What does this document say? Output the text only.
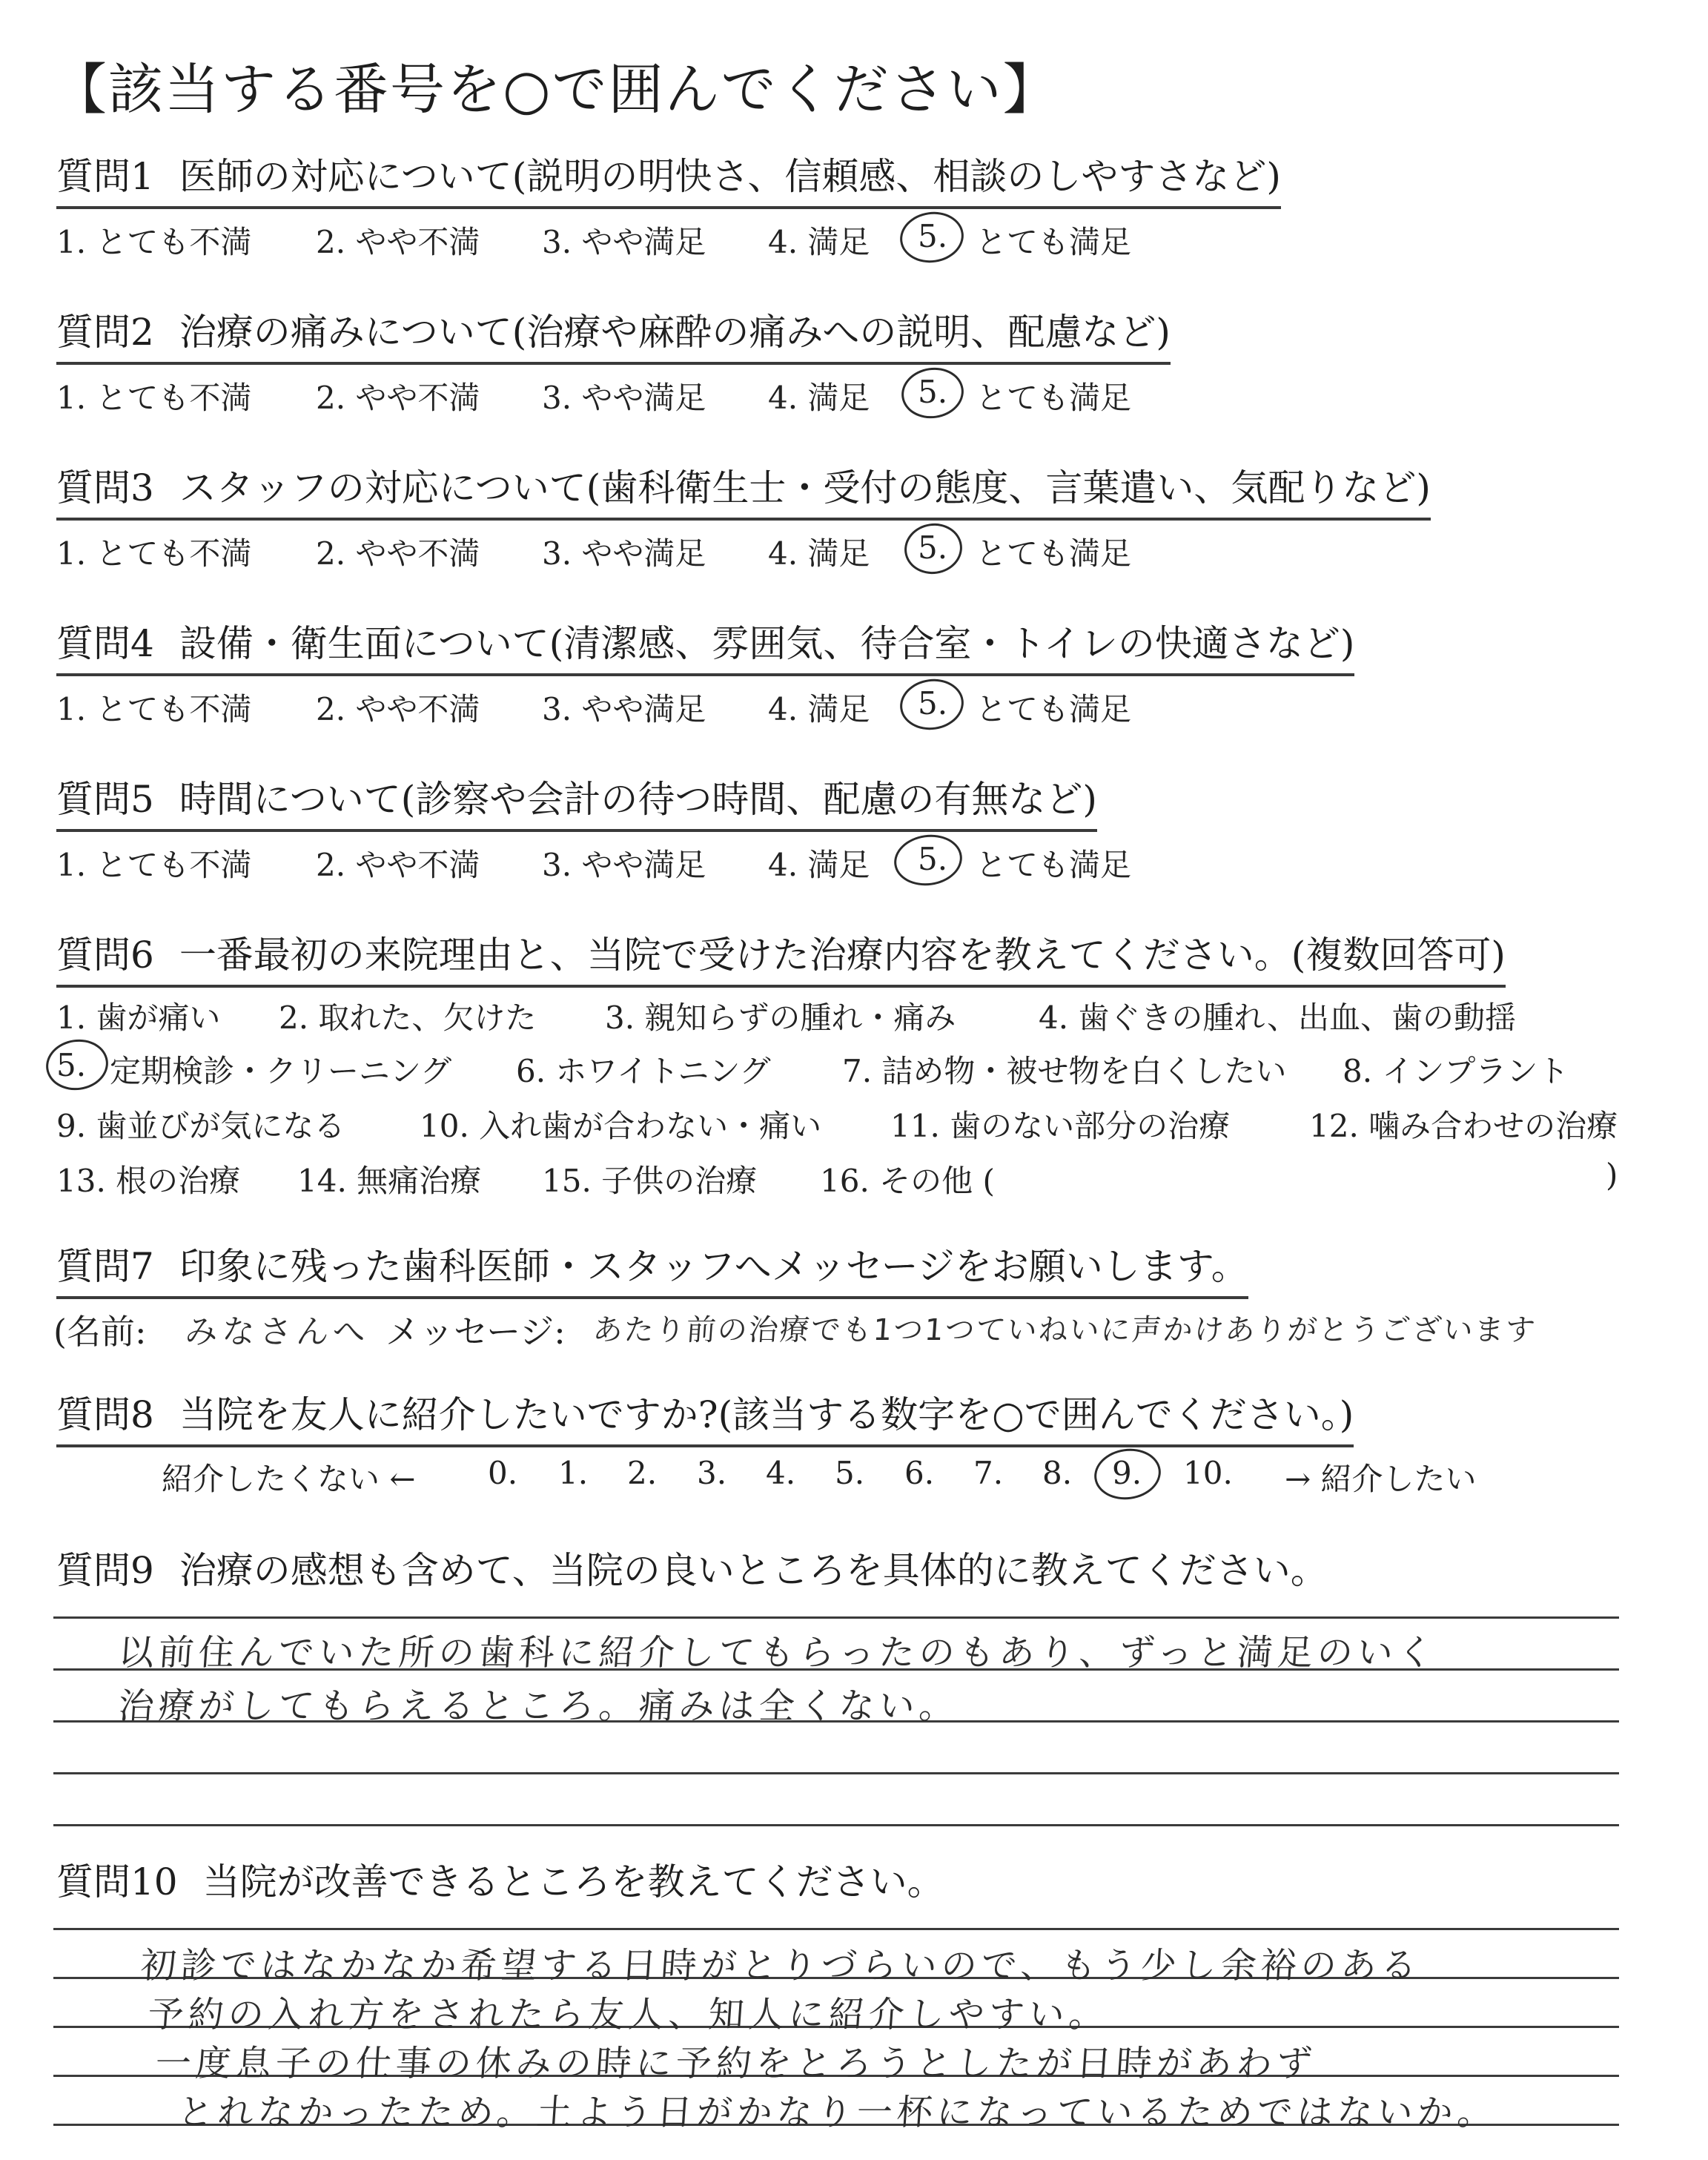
【該当する番号を○で囲んでください】
質問1 医師の対応について(説明の明快さ、信頼感、相談のしやすさなど)
1. とても不満 2. やや不満 3. やや満足 4. 満足 5. とても満足
質問2 治療の痛みについて(治療や麻酔の痛みへの説明、配慮など)
1. とても不満 2. やや不満 3. やや満足 4. 満足 5. とても満足
質問3 スタッフの対応について(歯科衛生士・受付の態度、言葉遣い、気配りなど)
1. とても不満 2. やや不満 3. やや満足 4. 満足 5. とても満足
質問4 設備・衛生面について(清潔感、雰囲気、待合室・トイレの快適さなど)
1. とても不満 2. やや不満 3. やや満足 4. 満足 5. とても満足
質問5 時間について(診察や会計の待つ時間、配慮の有無など)
1. とても不満 2. やや不満 3. やや満足 4. 満足 5. とても満足
質問6 一番最初の来院理由と、当院で受けた治療内容を教えてください。(複数回答可)
1. 歯が痛い 2. 取れた、欠けた 3. 親知らずの腫れ・痛み	4. 歯ぐきの腫れ、出血、歯の動揺
5. 定期検診・クリーニング 6. ホワイトニング 7. 詰め物・被せ物を白くしたい 8. インプラント
9. 歯並びが気になる 10. 入れ歯が合わない・痛い 11. 歯のない部分の治療	12. 噛み合わせの治療
13. 根の治療 14. 無痛治療 15. 子供の治療 16. その他 (	)
質問7 印象に残った歯科医師・スタッフへメッセージをお願いします。
(名前: みなさんへ メッセージ: あたり前の治療でも1つ1つていねいに声かけありがとうございます
質問8 当院を友人に紹介したいですか?(該当する数字を○で囲んでください。)
紹介したくない ← 0. 1. 2. 3. 4. 5. 6. 7. 8. 9. 10. → 紹介したい
質問9 治療の感想も含めて、当院の良いところを具体的に教えてください。
以前住んでいた所の歯科に紹介してもらったのもあり、ずっと満足のいく
治療がしてもらえるところ。痛みは全くない。
質問10 当院が改善できるところを教えてください。
初診ではなかなか希望する日時がとりづらいので、もう少し余裕のある
予約の入れ方をされたら友人、知人に紹介しやすい。
一度息子の仕事の休みの時に予約をとろうとしたが日時があわず
とれなかったため。土よう日がかなり一杯になっているためではないか。
